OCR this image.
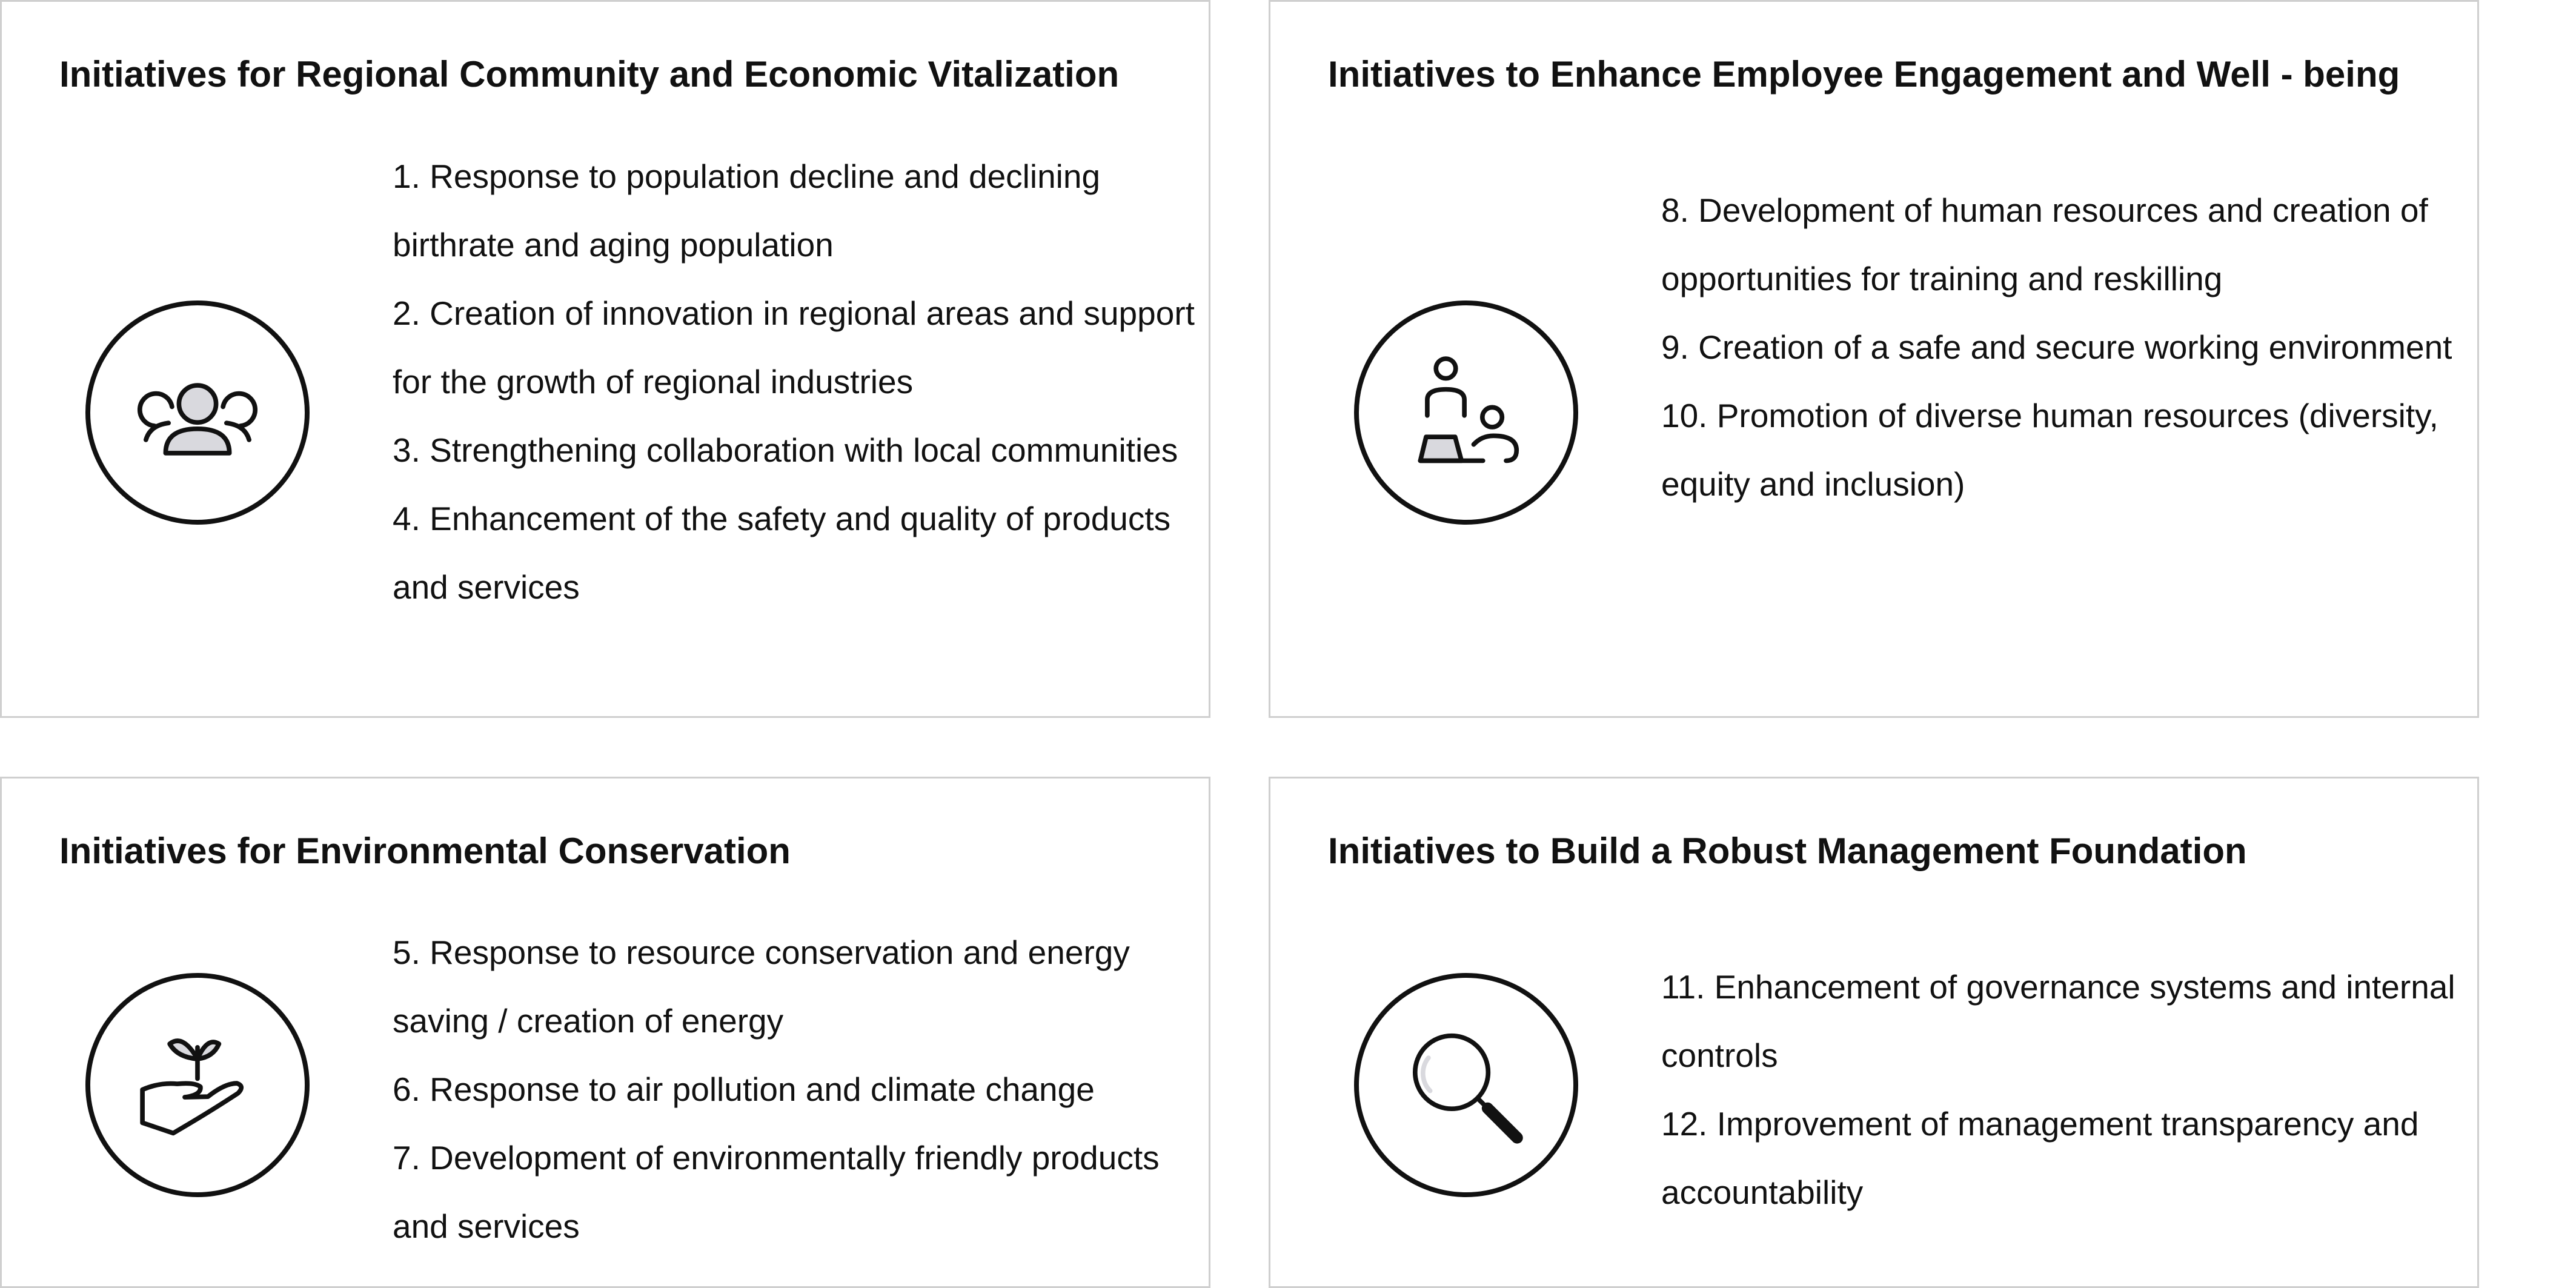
Initiatives for Regional Community and Economic Vitalization
1. Response to population decline and declining birthrate and aging population
2. Creation of innovation in regional areas and support for the growth of regional industries
3. Strengthening collaboration with local communities
4. Enhancement of the safety and quality of products and services
Initiatives to Enhance Employee Engagement and Well - being
8. Development of human resources and creation of opportunities for training and reskilling
9. Creation of a safe and secure working environment
10. Promotion of diverse human resources (diversity, equity and inclusion)
Initiatives for Environmental Conservation
5. Response to resource conservation and energy saving / creation of energy
6. Response to air pollution and climate change
7. Development of environmentally friendly products and services
Initiatives to Build a Robust Management Foundation
11. Enhancement of governance systems and internal controls
12. Improvement of management transparency and accountability
